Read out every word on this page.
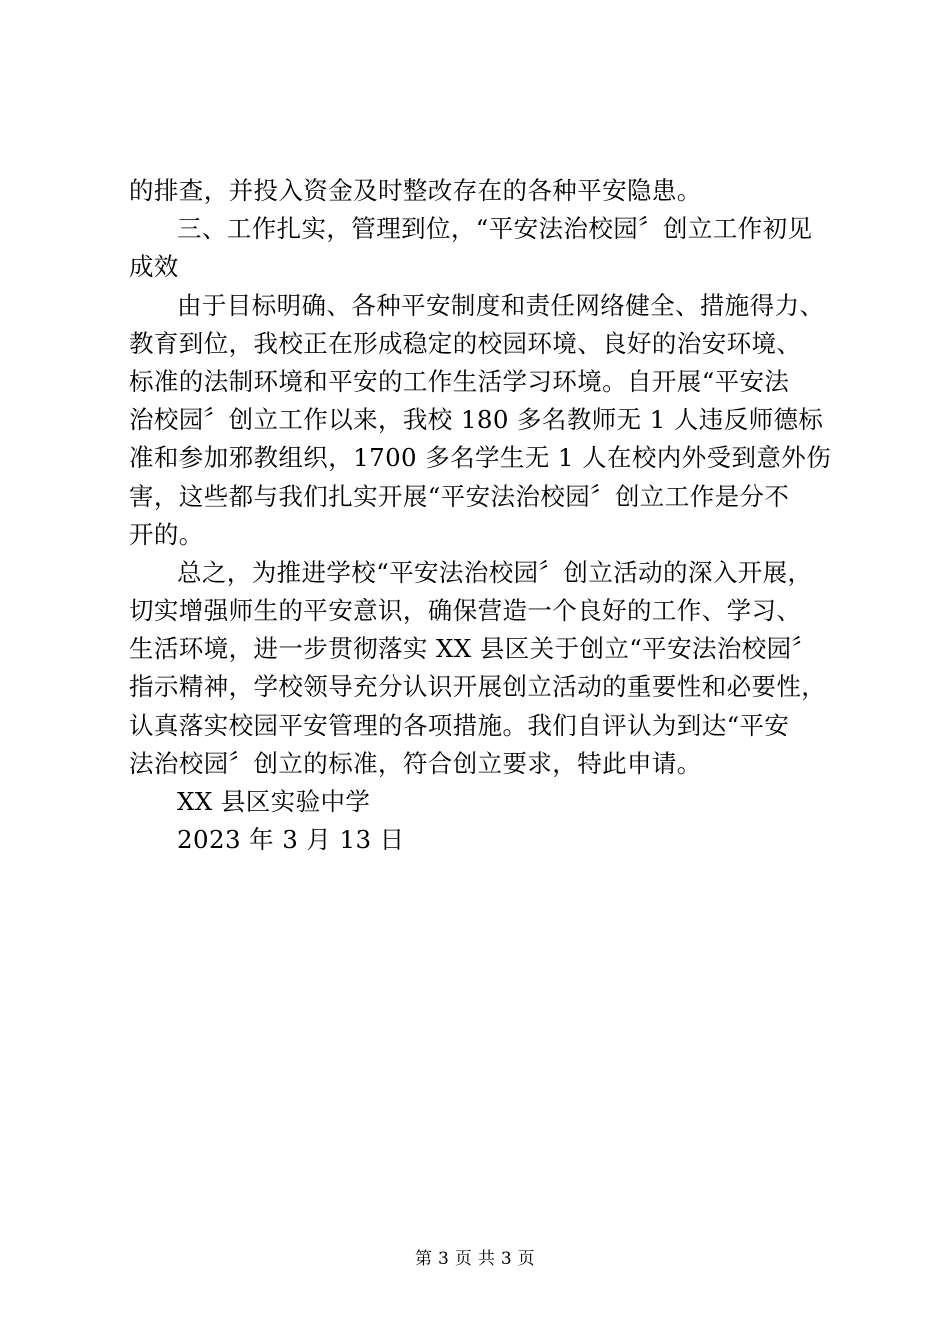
的排查，并投入资金及时整改存在的各种平安隐患。
三、工作扎实，管理到位，“平安法治校园〞创立工作初见
成效
由于目标明确、各种平安制度和责任网络健全、措施得力、
教育到位，我校正在形成稳定的校园环境、良好的治安环境、
标准的法制环境和平安的工作生活学习环境。自开展“平安法
治校园〞创立工作以来，我校 180 多名教师无 1 人违反师德标
准和参加邪教组织，1700 多名学生无 1 人在校内外受到意外伤
害，这些都与我们扎实开展“平安法治校园〞创立工作是分不
开的。
总之，为推进学校“平安法治校园〞创立活动的深入开展，
切实增强师生的平安意识，确保营造一个良好的工作、学习、
生活环境，进一步贯彻落实 XX 县区关于创立“平安法治校园〞
指示精神，学校领导充分认识开展创立活动的重要性和必要性，
认真落实校园平安管理的各项措施。我们自评认为到达“平安
法治校园〞创立的标准，符合创立要求，特此申请。
XX 县区实验中学
2023 年 3 月 13 日
第 3 页 共 3 页
